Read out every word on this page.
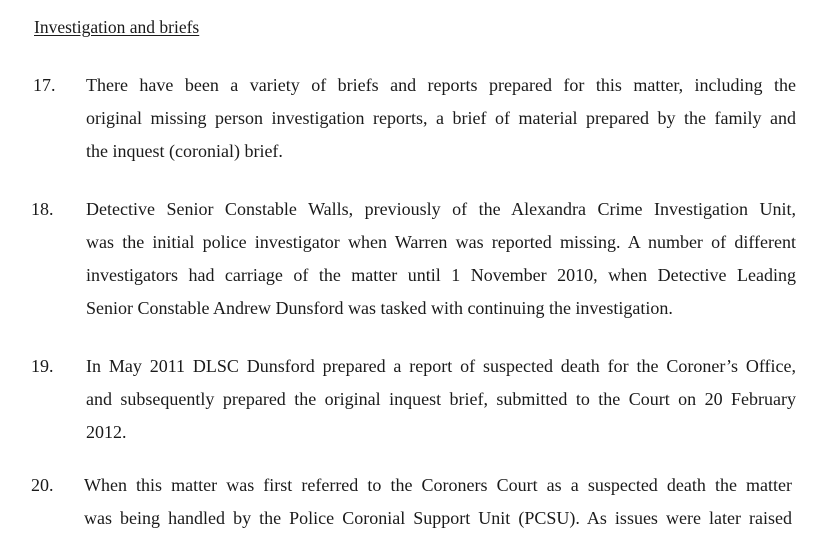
Investigation and briefs
17. There have been a variety of briefs and reports prepared for this matter, including the
original missing person investigation reports, a brief of material prepared by the family and
the inquest (coronial) brief.
18. Detective Senior Constable Walls, previously of the Alexandra Crime Investigation Unit,
was the initial police investigator when Warren was reported missing. A number of different
investigators had carriage of the matter until 1 November 2010, when Detective Leading
Senior Constable Andrew Dunsford was tasked with continuing the investigation.
19. In May 2011 DLSC Dunsford prepared a report of suspected death for the Coroner’s Office,
and subsequently prepared the original inquest brief, submitted to the Court on 20 February
2012.
20. When this matter was first referred to the Coroners Court as a suspected death the matter
was being handled by the Police Coronial Support Unit (PCSU). As issues were later raised
